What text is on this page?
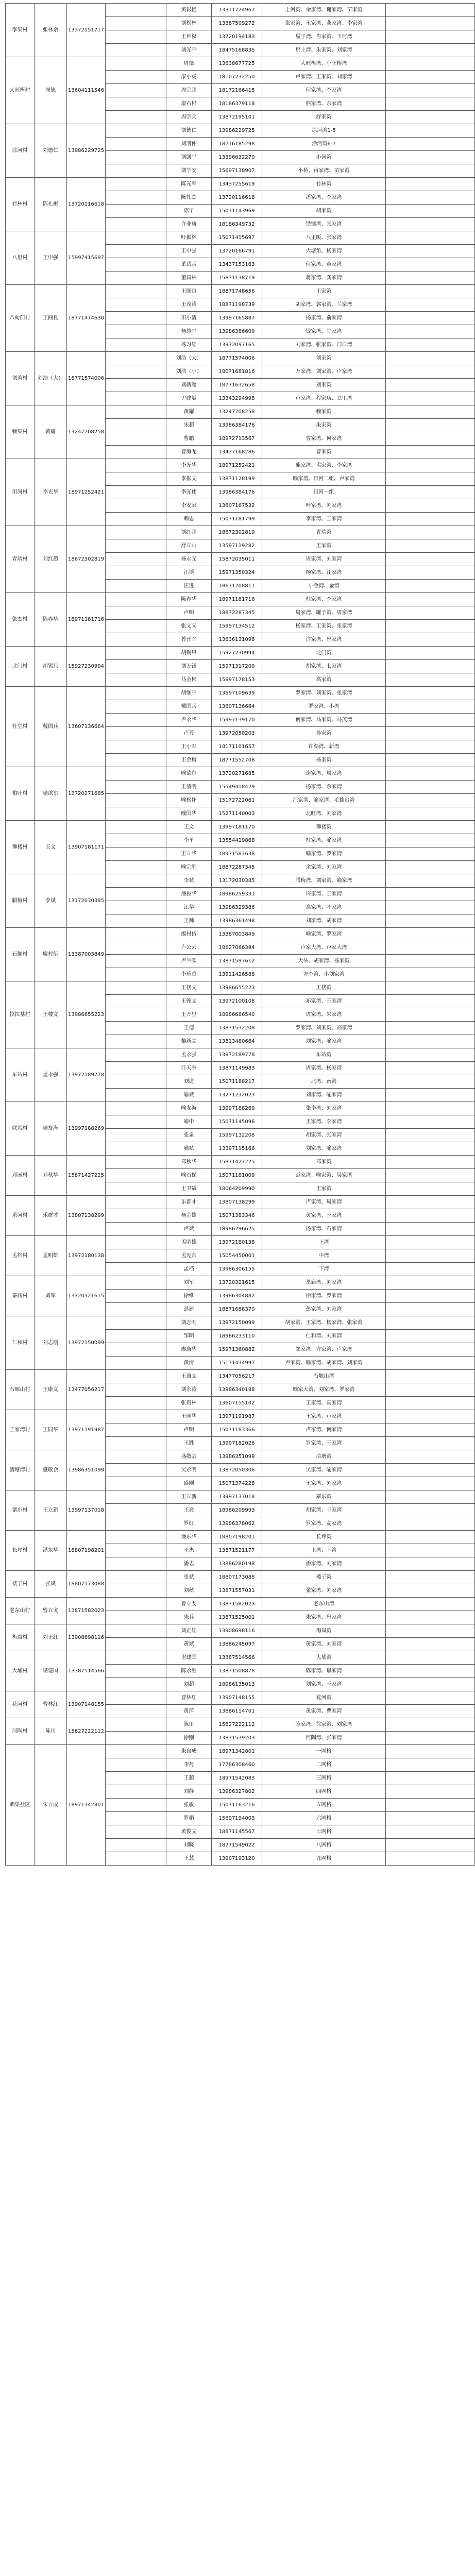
李集村	张林余	13372151717		黄彩艳	13311724967	上河湾、余家湾、谢家湾、苗家湾	
				刘松林	13387509272	张家湾、王家湾、龚家湾、李家湾	
				王世权	13720194183	屋子湾、肖家湾、下河湾	
				刘光平	18475168835	垸上湾、朱家湾、刘家湾	
大旺梅村	周德	13604111546		周德	13638677725	大旺梅湾、小旺梅湾	
				康小虎	18107232250	卢家湾、王家湾、刘家湾	
				周宗超	18172166415	何家湾、李家湾	
				康石根	18186379118	熊家湾、余家湾	
				周宗兵	13872195101	舒家湾	
涂河村	刘德仁	13986229725		刘德仁	13986229725	涂河湾1-5	
				刘凯仲	18716185298	涂河湾6-7	
				刘凯平	13396632270	小何湾	
				刘学安	15697138907	小桥、肖家湾、苗家湾	
竹林村	陈扎彬	13720116618		陈光军	13437255619	竹林湾	
				陈扎杰	13720116618	潘家湾、李家湾	
				陈毕	15071143969	胡家湾	
				许业康	18186349732	铁铺湾、张家湾	
八里村	王申强	15997415697		叶振林	15071415697	八里畈、张家湾	
				王申强	13720166791	大塘角、杨家湾	
				董岳兵	13437153163	何家湾、童家湾	
				董昌林	15871138719	蒋家湾、龚家湾	
八甸门村	王阁良	18771474630		王阁良	18871748656	王家湾	
				王茂涛	18871198739	胡家湾、郭家湾、兰家湾	
				田小清	13997165887	杨家湾、俞家湾	
				杨慧中	13986386609	钱家湾、甘家湾	
				杨习红	13972097165	刘家湾、张家湾、门口湾	
刘湾村	刘浩（大）	18771574006		刘浩（大）	18771574006	刘家湾	
				刘浩（小）	18071681816	万家湾、刘家湾、卢家湾	
				刘新超	18771632658	刘家湾	
				尹建斌	13343294998	卢家湾、程家店、立里湾	
赖集村	黄耀	13247708258		黄耀	13247708258	赖家湾	
				朱超	13986384176	朱家湾	
				曹鹏	18972713567	曹家湾、何家湾	
				曹海龙	13437168286	曹家湾	
田河村	李光华	18971252421		李光华	18971252421	熊家湾、孟家湾、李家湾	
				李振文	13871128199	喻家湾、田河二组、卢家湾	
				李光伟	13986384176	田河一组	
				李安家	13807167532	叶家湾、刘家湾	
				赖恩	15071181799	李家湾、王家湾	
青靖村	刘红超	18672302819		刘红超	18672302819	青靖湾	
				舒立山	13597119282	王家湾	
				杨求元	15872035011	周家湾、刘家湾	
				汪锁	15971350324	杨家湾、汪家湾	
				汪进	18671208811	小金湾、金湾	
张杰村	陈春华	18971181716		陈春华	18971181716	杜家湾、李家湾	
				卢明	18872287345	周家湾、罐子湾、周家湾	
				张文义	15997134512	杨家湾、王家湾、张家湾	
				曾开军	13636131098	许家湾、曾家湾	
北门村	胡锡只	15927230994		胡锡只	15927230994	北门湾	
				刘万锋	15971317209	胡家湾、七家湾	
				马金彬	15997178153	高家湾	
杜堂村	戴国兵	13607136664		胡继平	13597109639	罗家湾、刘家湾、张家湾	
				戴国兵	13607136664	罗家湾、小湾	
				卢永华	15997139170	何家湾、马家湾、马茂湾	
				卢芳	13972050203	孙家湾	
				王小军	18171101657	许湖湾、新湾	
				王金梅	18771552708	杨家湾	
柏叶村	喻欲东	13720271685		喻欲东	13720271685	谢家湾、周家湾	
				王清明	15549418429	杨家湾、余家湾	
				喻松怀	15172722061	汪家湾、喻家湾、毛雄台湾	
				喻国华	15271140003	北旺湾、刘家湾	
狮楼村	王文	13907181171		王文	13997181170	狮楼湾	
				李平	13554419868	杜家湾、喻家湾	
				王立华	18971587638	喻家湾、罗家湾	
				喻宗胜	18872287345	余家湾、刘家湾	
腊梅村	李斌	13172030385		李斌	13172030385	腊梅湾、刘家湾、喻家湾	
				潘俊华	18986259331	许家湾、王家湾	
				江华	13986329386	高家湾、叶家湾	
				王帅	13986361498	刘家湾、胡家湾	
石狮村	廖村伍	13387003849		廖村伍	13387003849	喻家湾、罗家湾	
				卢公云	18627066384	卢家大湾、卢家大湾	
				卢兰欧	13871597612	大头、胡家湾、杨家湾	
				李乐香	13911426588	方李湾、小刘家湾	
拉拉基村	王楼文	13986655223		王楼文	13986655223	王楼湾	
				王翰文	13972100108	郑家湾、王家湾	
				王万里	18986666540	周家湾、朱家湾	
				王德	13871532208	罗家湾、刘家湾、高家湾	
				黎新立	13813480664	刘家湾、喻家湾	
车站村	孟永强	13972189778		孟永强	13972189778	车站湾	
				汪天奎	13871149983	周家湾、杨家湾	
				刘道	15071188217	北湾、南湾	
				喻斌	13271232023	刘家湾、喻家湾	
联希村	喻友海	13997188269		喻友海	13997188269	张李湾、刘家湾	
				喻中	15071145096	王家湾、李家湾	
				张泉	15997132208	胡家湾、张家湾	
				喻斌	13397115166	刘家湾、喻家湾	
邓园村	邓秋华	15871427225		邓秋华	15871427225	邓家湾	
				喻石保	15071181009	彭家湾、喻家湾、吴家湾	
				王卫斌	18064209990	王家湾	
乐河村	乐群才	13807138299		乐群才	13807138299	卢家湾、周家湾	
				杨金雄	15071383346	黄家湾、王家湾	
				卢斌	18986296625	杨家湾、石家湾	
孟档村	孟明雄	13972180138		孟明雄	13972180138	上湾	
				孟宪东	15054450001	中湾	
				孟档	13986306155	下湾	
茶庙村	刘军	13720321615		刘军	13720321615	茶庙湾、刘家湾	
				徐维	13986304882	徐家湾、罗家湾	
				彭建	18871688370	彭家湾、刘家湾	
仁和村	刘志刚	13972150099		刘志刚	13972150099	胡家湾、王家湾、杨家湾、张家湾	
				邹明	18986233110	仁和湾、刘家湾	
				廖康华	15971360882	邹家湾、方家湾、卢家湾	
				黄清	15171434997	卢家湾、喻家湾、胡家湾、刘家湾	
石堰山村	王康文	13477056217		王康文	13477056217	石堰山湾	
				刘永涛	13986340188	喻家大湾、刘家湾、罗家湾	
				张贵林	13607155102	王家湾、高家湾	
王家湾村	王同华	13971191987		王同华	13971191987	王家湾、卢家湾	
				卢明	15071183366	卢家湾、何家湾	
				王胜	13907182026	罗家湾、王家湾	
清塘湾村	盛敬会	13986351099		盛敬会	13986351099	清塘湾	
				吴永明	13872050306	吴家湾、喻家湾	
				盛刚	15071374228	王家湾、刘家湾	
寨东村	王立新	13997137018		王立新	13997137018	寨东湾	
				王亮	18986209993	胡家湾、王家湾	
				罗红	13986378062	罗家湾、高家湾	
长坪村	潘东华	18807198201		潘东华	18807198201	长坪湾	
				王杰	13871521177	上湾、下湾	
				潘志	13886280198	潘家湾、刘家湾	
楼子村	张斌	18807173088		张斌	18807173088	楼子湾	
				刘秋	13871557031	张家湾、刘家湾	
老东山村	曾立戈	13871582023		曾立戈	13871582023	老东山湾	
				朱兵	13871525001	朱家湾、曾家湾	
梅岚村	刘正红	13908698116		刘正红	13908698116	梅岚湾	
				黄斌	13886245097	黄家湾、刘家湾	
大埔村	谌建国	13387514566		谌建国	13387514566	大埔湾	
				陈永胜	13871508878	陈家湾、谌家湾	
				刘超	18986135013	刘家湾、王家湾	
花河村	曹林红	13907148155		曹林红	13907148155	花河湾	
				黄萍	13886114701	黄家湾、曹家湾	
河陶村	陈川	15827222112		陈川	15827222112	陈家湾、徐家湾、刘家湾	
				徐刚	13871539203	河陶湾、张家湾	
赖集社区	朱自成	18971342801		朱自成	18971342801	一网格	
				李丹	17786308460	二网格	
				王超	18971542083	三网格	
				刘静	13986327802	四网格	
				张敏	15071163216	五网格	
				罗娟	15697194003	六网格	
				黄俊文	18871145567	七网格	
				刘晓	18771549022	八网格	
				王慧	13907193120	九网格	
